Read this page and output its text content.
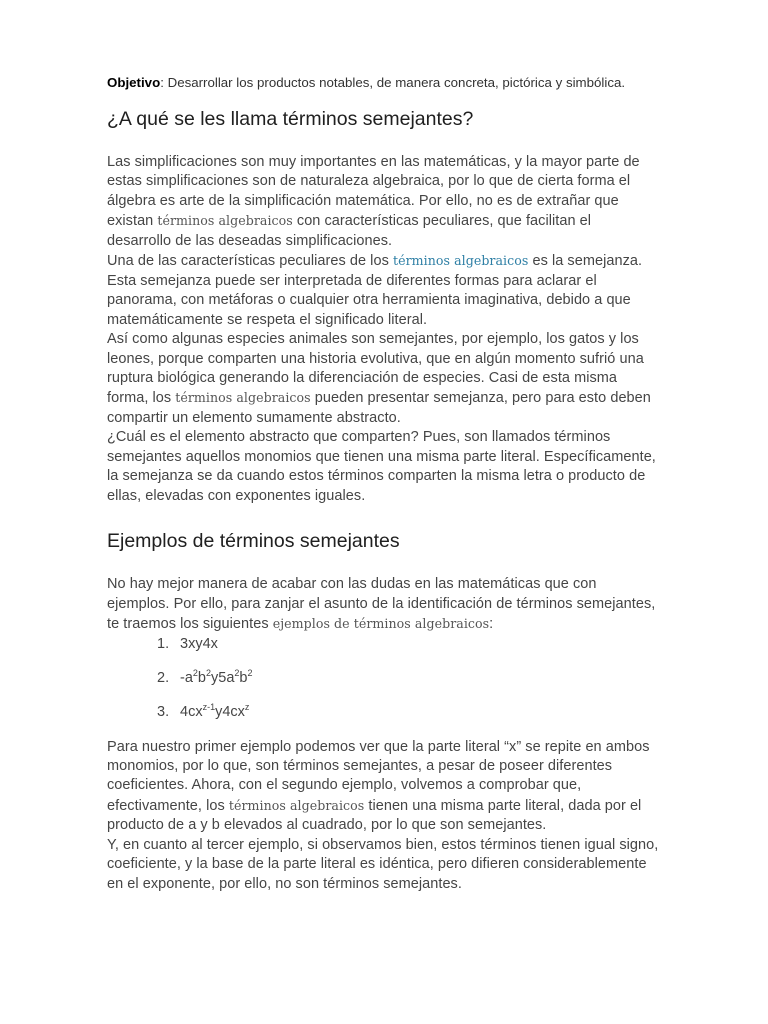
Objetivo: Desarrollar los productos notables, de manera concreta, pictórica y simbólica.

¿A qué se les llama términos semejantes?

Las simplificaciones son muy importantes en las matemáticas, y la mayor parte de estas simplificaciones son de naturaleza algebraica, por lo que de cierta forma el álgebra es arte de la simplificación matemática. Por ello, no es de extrañar que existan términos algebraicos con características peculiares, que facilitan el desarrollo de las deseadas simplificaciones.
Una de las características peculiares de los términos algebraicos es la semejanza. Esta semejanza puede ser interpretada de diferentes formas para aclarar el panorama, con metáforas o cualquier otra herramienta imaginativa, debido a que matemáticamente se respeta el significado literal.
Así como algunas especies animales son semejantes, por ejemplo, los gatos y los leones, porque comparten una historia evolutiva, que en algún momento sufrió una ruptura biológica generando la diferenciación de especies. Casi de esta misma forma, los términos algebraicos pueden presentar semejanza, pero para esto deben compartir un elemento sumamente abstracto.
¿Cuál es el elemento abstracto que comparten? Pues, son llamados términos semejantes aquellos monomios que tienen una misma parte literal. Específicamente, la semejanza se da cuando estos términos comparten la misma letra o producto de ellas, elevadas con exponentes iguales.

Ejemplos de términos semejantes

No hay mejor manera de acabar con las dudas en las matemáticas que con ejemplos. Por ello, para zanjar el asunto de la identificación de términos semejantes, te traemos los siguientes ejemplos de términos algebraicos:

1. 3xy4x
2. $-a^2b^2y5a^2b^2$
3. $4cx^{z-1}y4cx^z$

Para nuestro primer ejemplo podemos ver que la parte literal “x” se repite en ambos monomios, por lo que, son términos semejantes, a pesar de poseer diferentes coeficientes. Ahora, con el segundo ejemplo, volvemos a comprobar que, efectivamente, los términos algebraicos tienen una misma parte literal, dada por el producto de a y b elevados al cuadrado, por lo que son semejantes.
Y, en cuanto al tercer ejemplo, si observamos bien, estos términos tienen igual signo, coeficiente, y la base de la parte literal es idéntica, pero difieren considerablemente en el exponente, por ello, no son términos semejantes.
